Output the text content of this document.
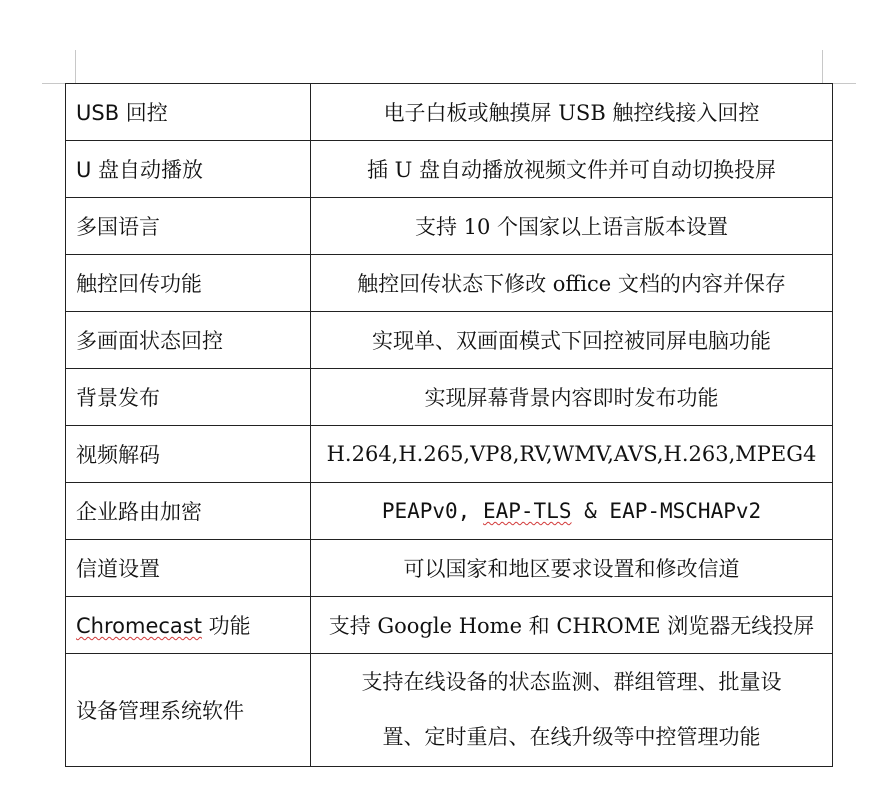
USB 回控	电子白板或触摸屏 USB 触控线接入回控
U 盘自动播放	插 U 盘自动播放视频文件并可自动切换投屏
多国语言	支持 10 个国家以上语言版本设置
触控回传功能	触控回传状态下修改 office 文档的内容并保存
多画面状态回控	实现单、双画面模式下回控被同屏电脑功能
背景发布	实现屏幕背景内容即时发布功能
视频解码	H.264,H.265,VP8,RV,WMV,AVS,H.263,MPEG4
企业路由加密	PEAPv0, EAP-TLS & EAP-MSCHAPv2
信道设置	可以国家和地区要求设置和修改信道
Chromecast 功能	支持 Google Home 和 CHROME 浏览器无线投屏
设备管理系统软件	支持在线设备的状态监测、群组管理、批量设
置、定时重启、在线升级等中控管理功能
